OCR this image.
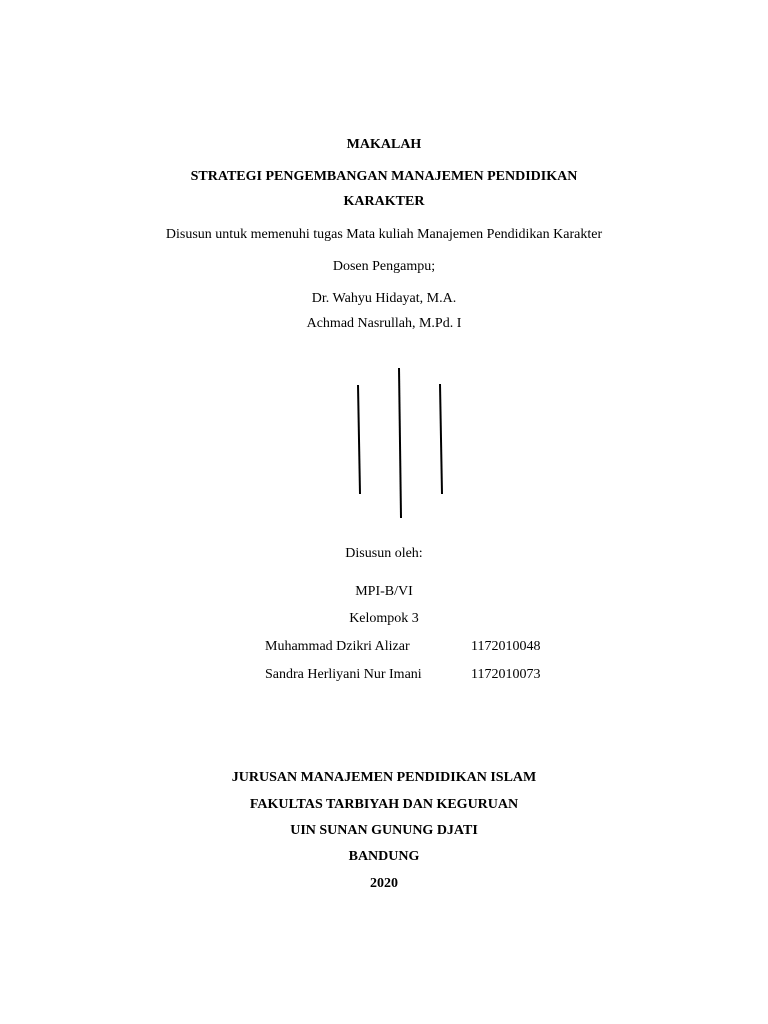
MAKALAH
STRATEGI PENGEMBANGAN MANAJEMEN PENDIDIKAN
KARAKTER
Disusun untuk memenuhi tugas Mata kuliah Manajemen Pendidikan Karakter
Dosen Pengampu;
Dr. Wahyu Hidayat, M.A.
Achmad Nasrullah, M.Pd. I
Disusun oleh:
MPI-B/VI
Kelompok 3
Muhammad Dzikri Alizar	1172010048
Sandra Herliyani Nur Imani	1172010073
JURUSAN MANAJEMEN PENDIDIKAN ISLAM
FAKULTAS TARBIYAH DAN KEGURUAN
UIN SUNAN GUNUNG DJATI
BANDUNG
2020
